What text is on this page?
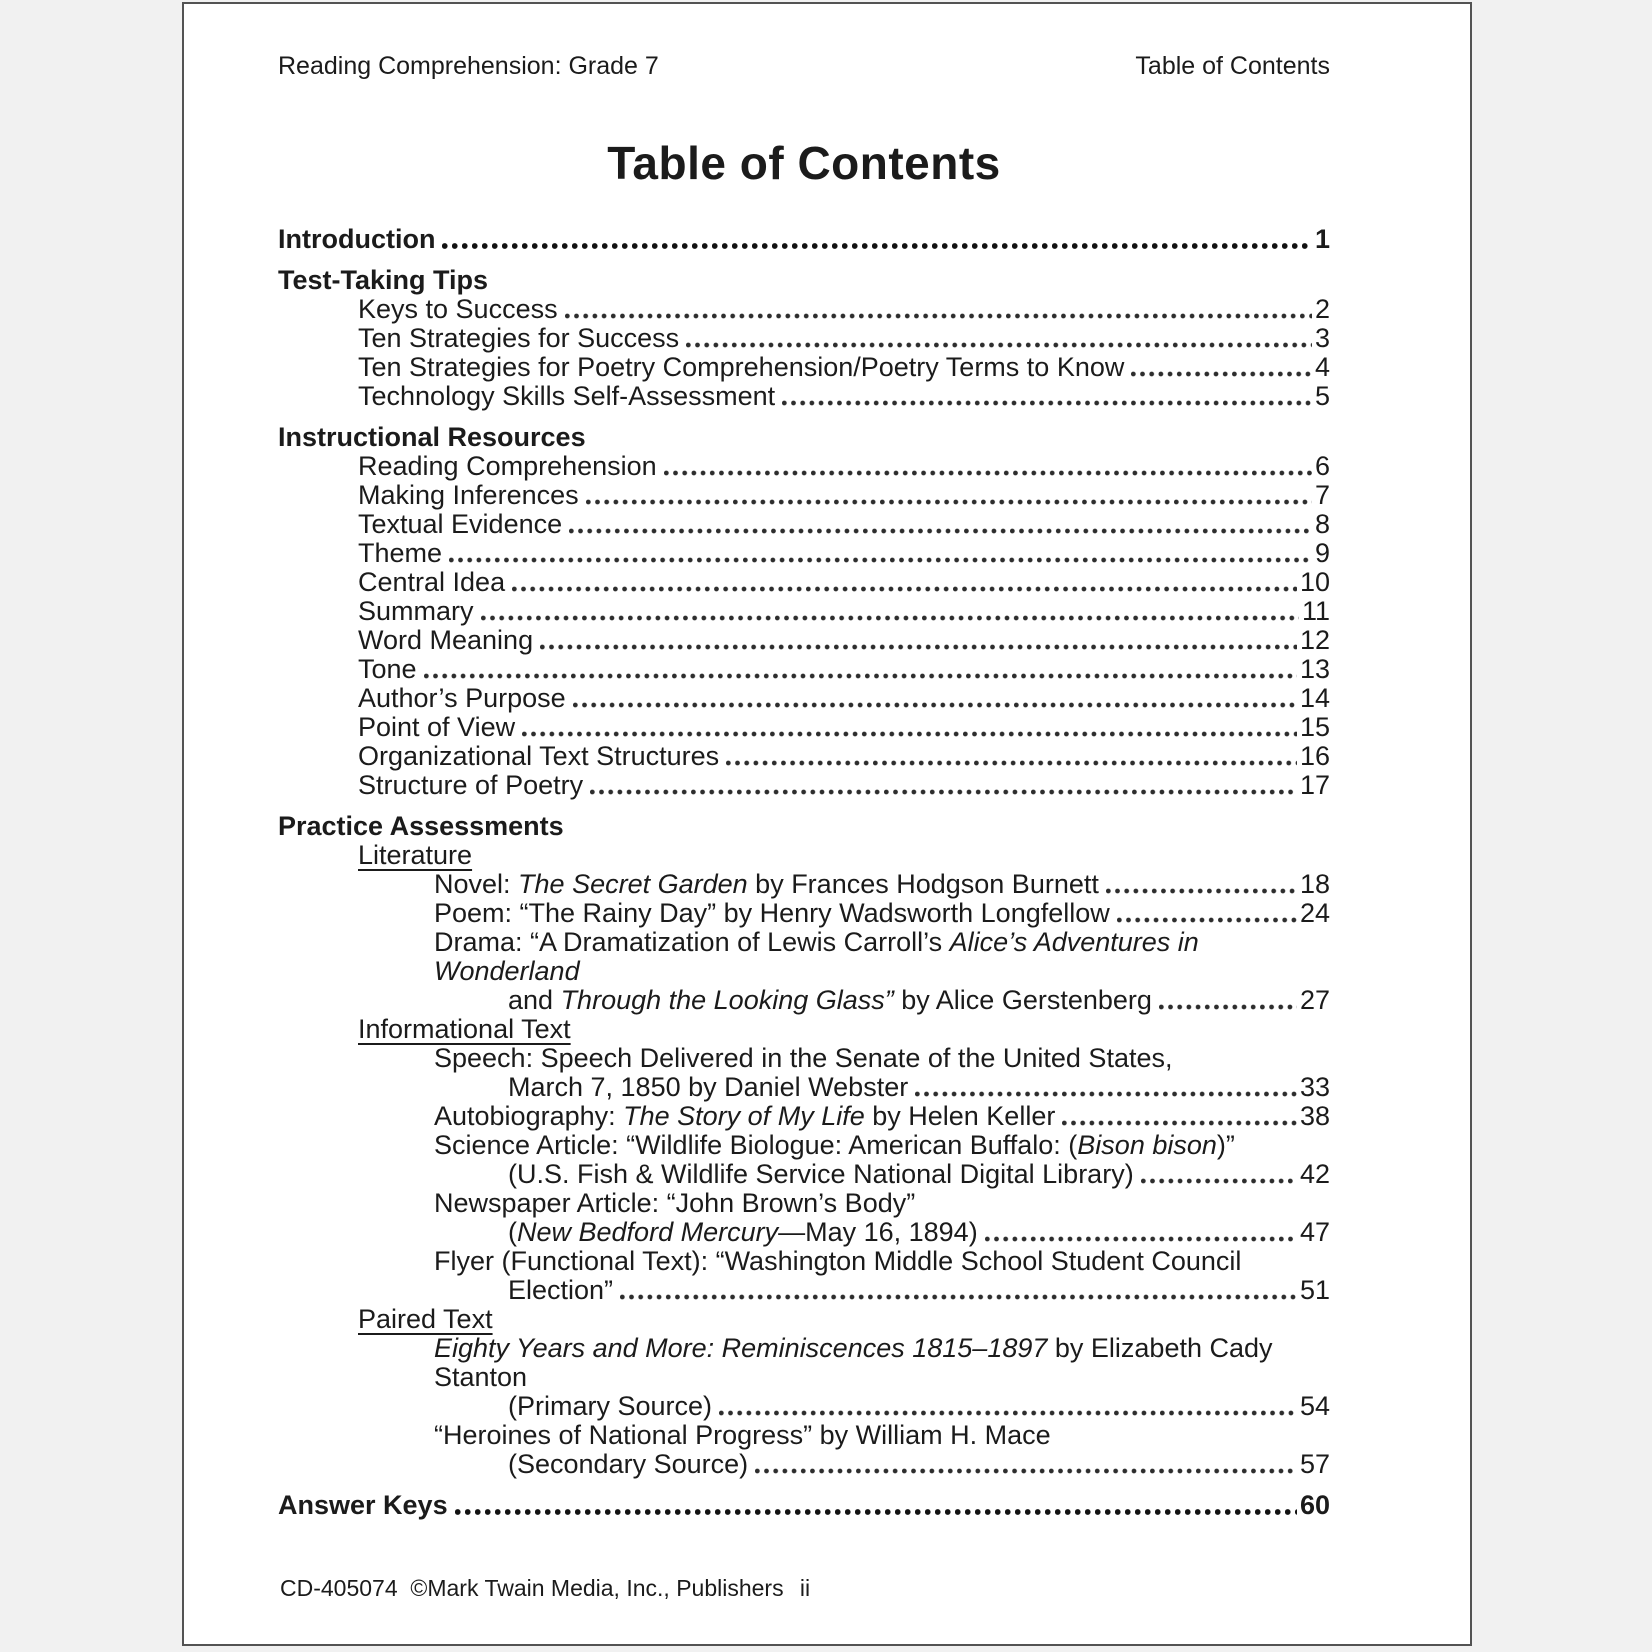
Reading Comprehension: Grade 7	Table of Contents
Table of Contents
Introduction	1
Test-Taking Tips
Keys to Success	2
Ten Strategies for Success	3
Ten Strategies for Poetry Comprehension/Poetry Terms to Know	4
Technology Skills Self-Assessment	5
Instructional Resources
Reading Comprehension	6
Making Inferences	7
Textual Evidence	8
Theme	9
Central Idea	10
Summary	11
Word Meaning	12
Tone	13
Author’s Purpose	14
Point of View	15
Organizational Text Structures	16
Structure of Poetry	17
Practice Assessments
Literature
Novel: The Secret Garden by Frances Hodgson Burnett	18
Poem: “The Rainy Day” by Henry Wadsworth Longfellow	24
Drama: “A Dramatization of Lewis Carroll’s Alice’s Adventures in Wonderland
and Through the Looking Glass” by Alice Gerstenberg	27
Informational Text
Speech: Speech Delivered in the Senate of the United States,
March 7, 1850 by Daniel Webster	33
Autobiography: The Story of My Life by Helen Keller	38
Science Article: “Wildlife Biologue: American Buffalo: (Bison bison)”
(U.S. Fish & Wildlife Service National Digital Library)	42
Newspaper Article: “John Brown’s Body”
(New Bedford Mercury—May 16, 1894)	47
Flyer (Functional Text): “Washington Middle School Student Council
Election”	51
Paired Text
Eighty Years and More: Reminiscences 1815–1897 by Elizabeth Cady Stanton
(Primary Source)	54
“Heroines of National Progress” by William H. Mace
(Secondary Source)	57
Answer Keys	60
CD-405074  ©Mark Twain Media, Inc., Publishers ii
